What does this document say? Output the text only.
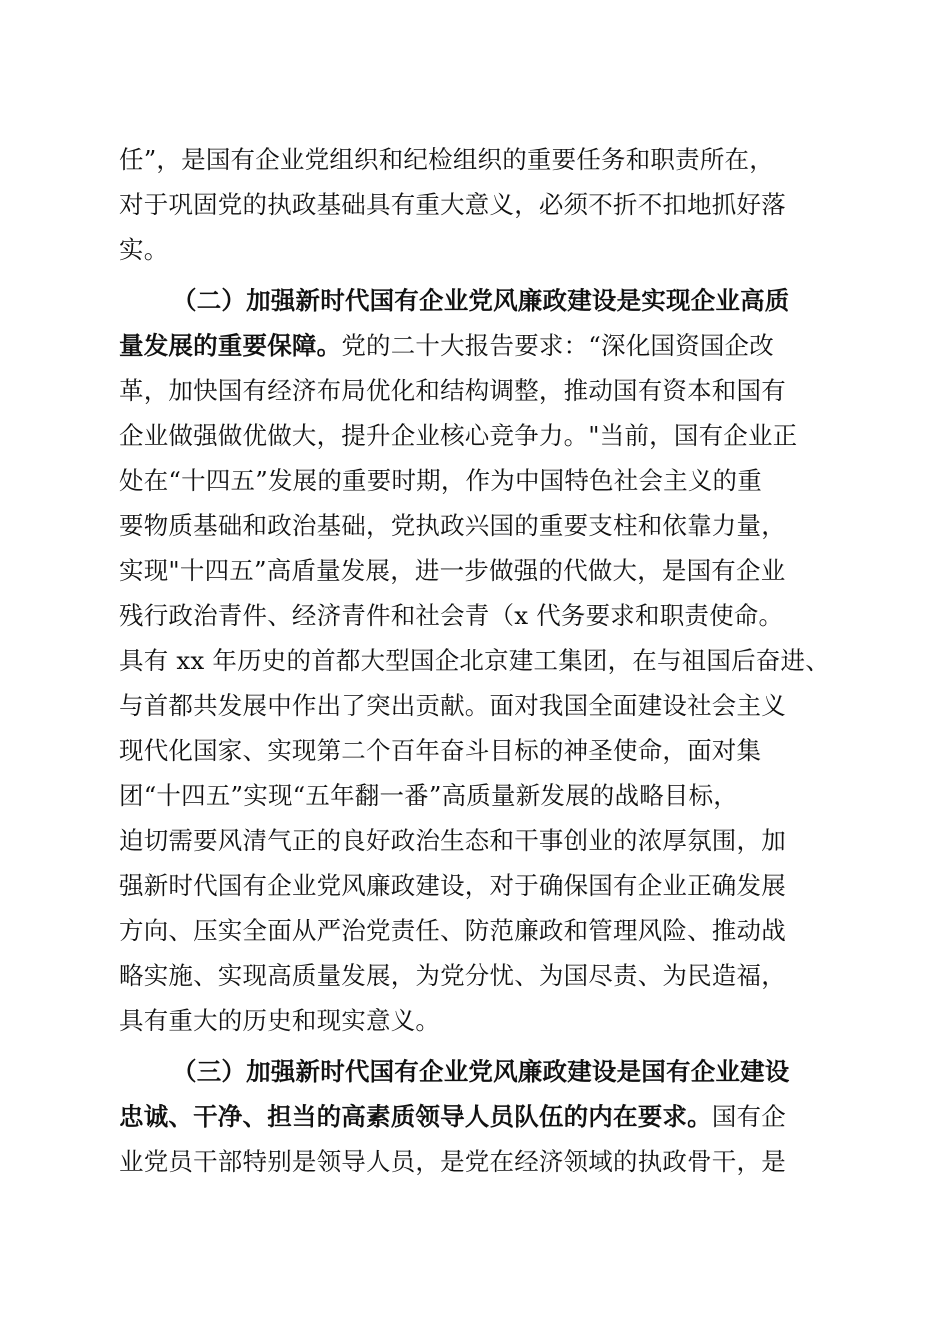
任”，是国有企业党组织和纪检组织的重要任务和职责所在，
对于巩固党的执政基础具有重大意义，必须不折不扣地抓好落
实。
（二）加强新时代国有企业党风廉政建设是实现企业高质
量发展的重要保障。党的二十大报告要求：“深化国资国企改
革，加快国有经济布局优化和结构调整，推动国有资本和国有
企业做强做优做大，提升企业核心竞争力。"当前，国有企业正
处在“十四五”发展的重要时期，作为中国特色社会主义的重
要物质基础和政治基础，党执政兴国的重要支柱和依靠力量，
实现"十四五”高盾量发展，进一步做强的代做大，是国有企业
残行政治青件、经济青件和社会青（x 代务要求和职责使命。
具有 xx 年历史的首都大型国企北京建工集团，在与祖国后奋进、
与首都共发展中作出了突出贡献。面对我国全面建设社会主义
现代化国家、实现第二个百年奋斗目标的神圣使命，面对集
团“十四五”实现“五年翻一番”高质量新发展的战略目标，
迫切需要风清气正的良好政治生态和干事创业的浓厚氛围，加
强新时代国有企业党风廉政建设，对于确保国有企业正确发展
方向、压实全面从严治党责任、防范廉政和管理风险、推动战
略实施、实现高质量发展，为党分忧、为国尽责、为民造福，
具有重大的历史和现实意义。
（三）加强新时代国有企业党风廉政建设是国有企业建设
忠诚、干净、担当的高素质领导人员队伍的内在要求。国有企
业党员干部特别是领导人员，是党在经济领域的执政骨干，是
